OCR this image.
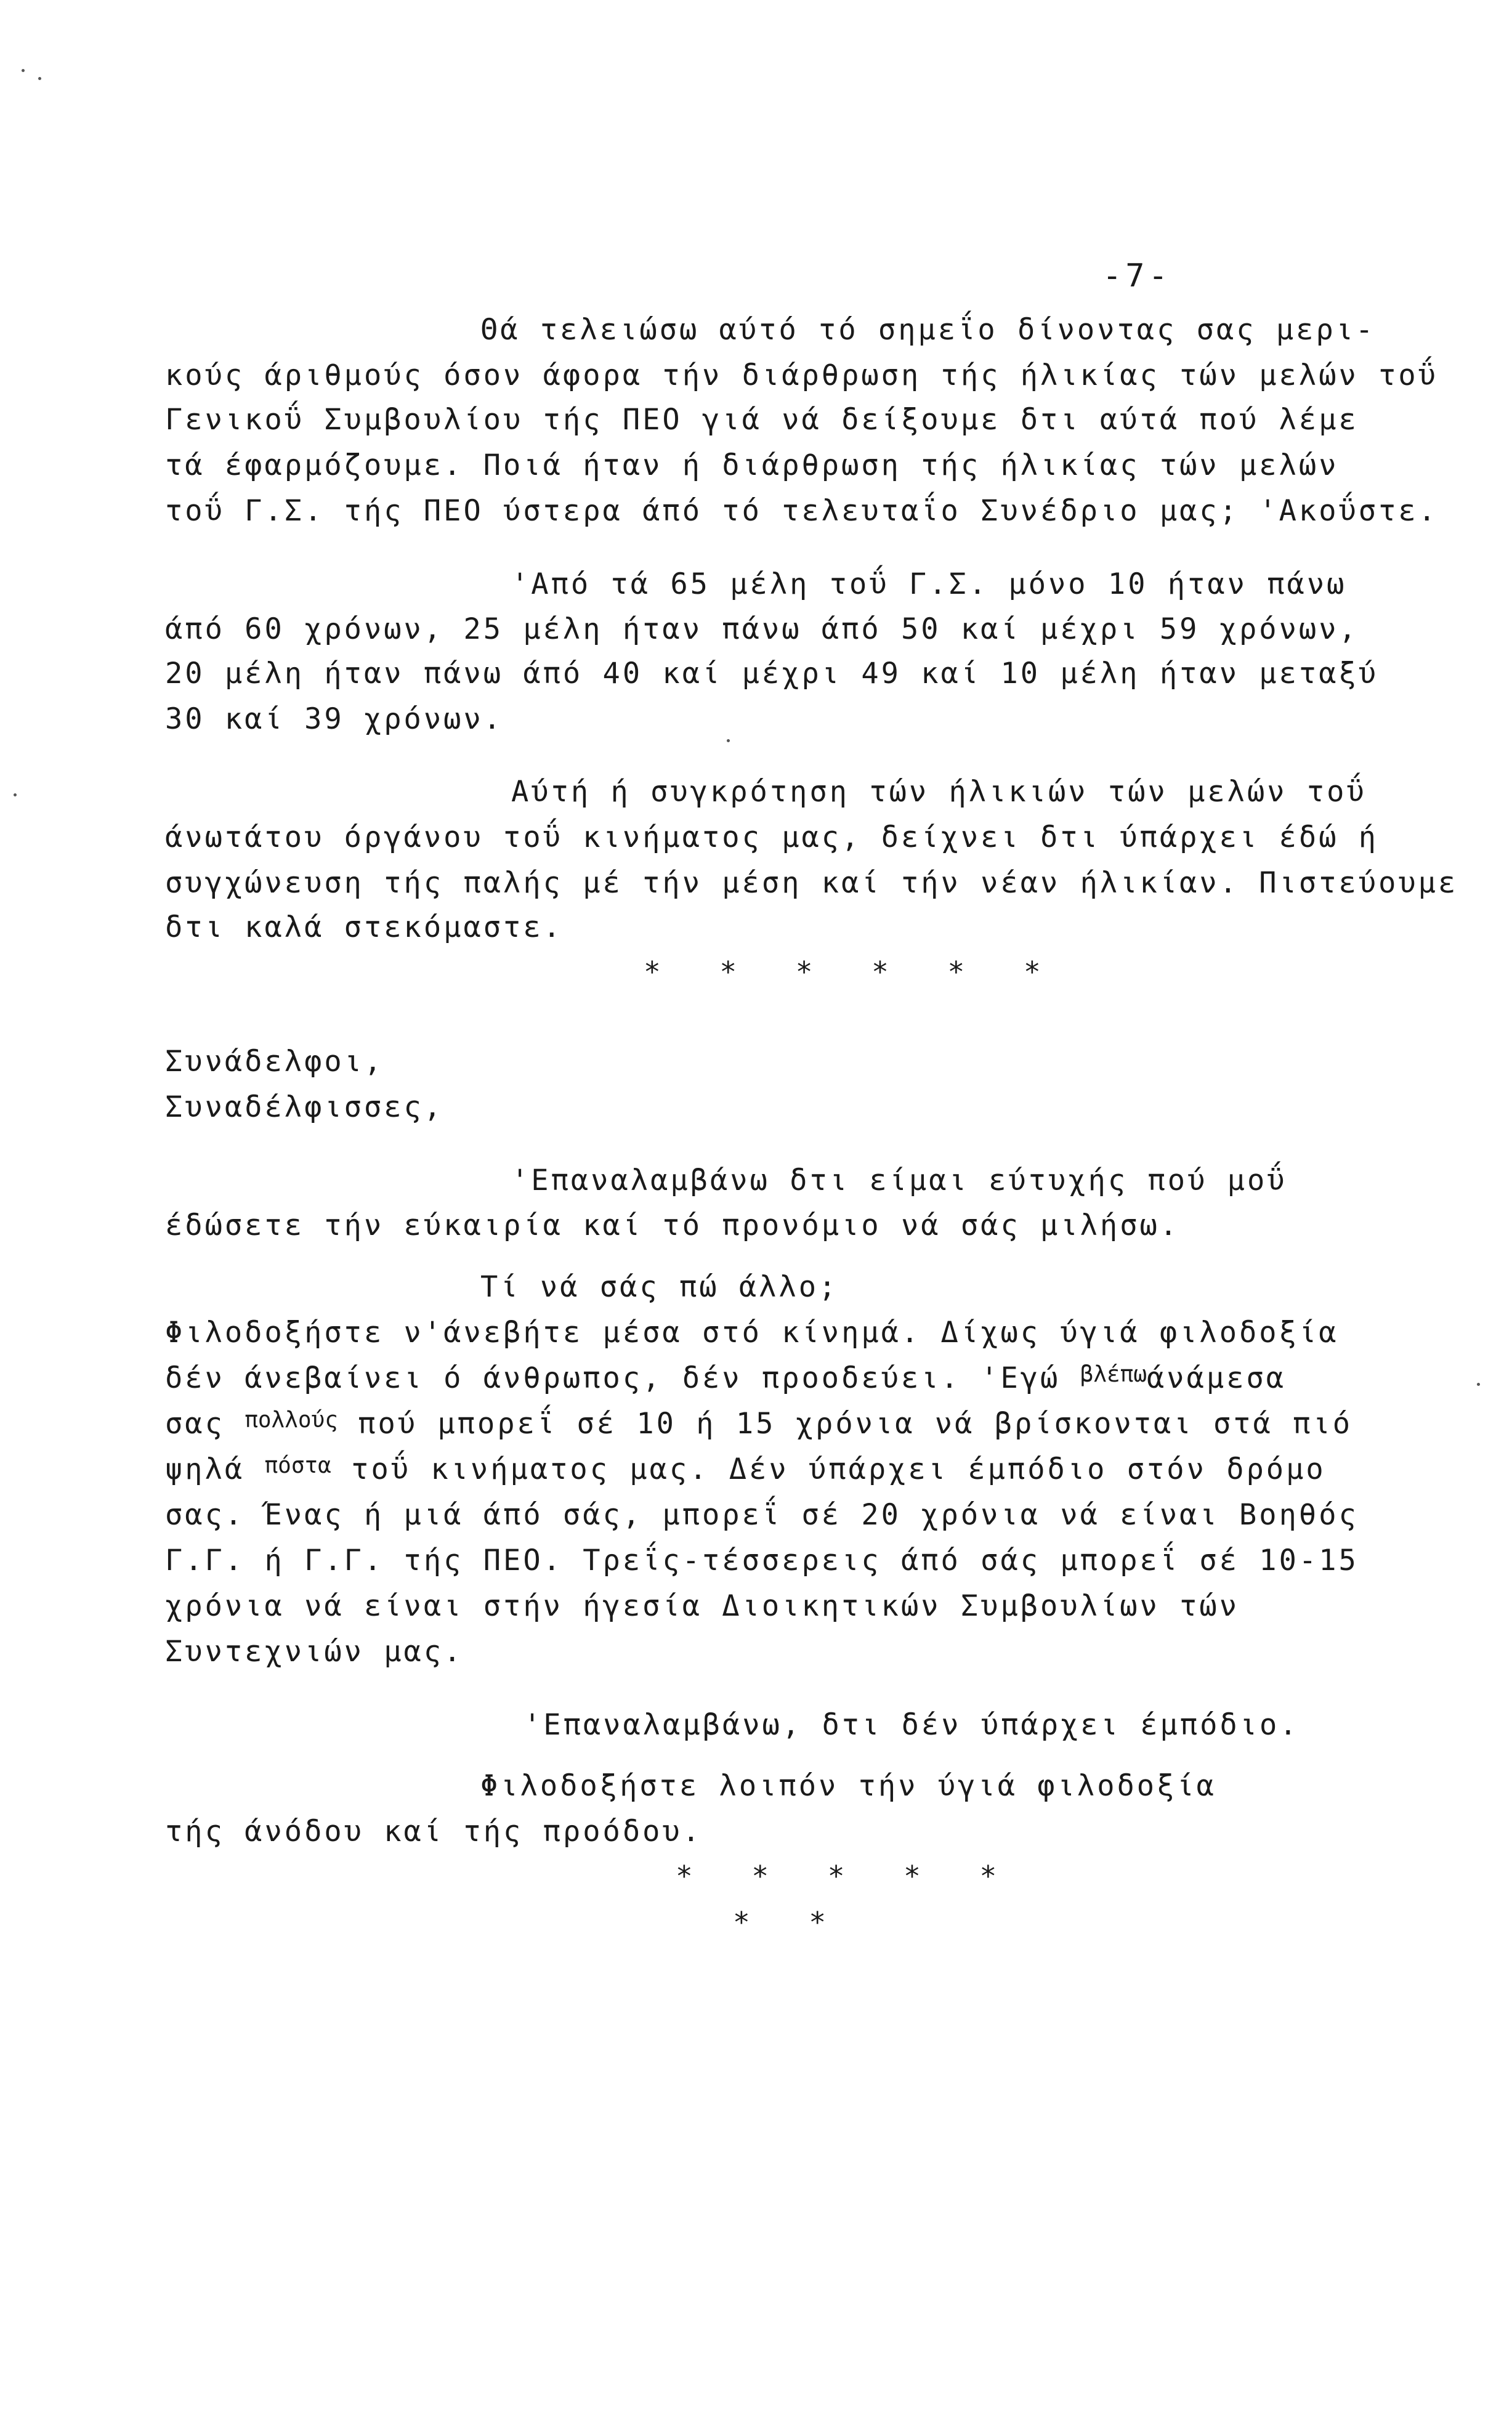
-7-
Θά τελειώσω αύτό τό σημεΐο δίνοντας σας μερι-
κούς άριθμούς όσον άφορα τήν διάρθρωση τής ήλικίας τών μελών τοΰ
Γενικοΰ Συμβουλίου τής ΠΕΟ γιά νά δείξουμε δτι αύτά πού λέμε
τά έφαρμόζουμε. Ποιά ήταν ή διάρθρωση τής ήλικίας τών μελών
τοΰ Γ.Σ. τής ΠΕΟ ύστερα άπό τό τελευταΐο Συνέδριο μας; 'Ακοΰστε.
'Από τά 65 μέλη τοΰ Γ.Σ. μόνο 10 ήταν πάνω
άπό 60 χρόνων, 25 μέλη ήταν πάνω άπό 50 καί μέχρι 59 χρόνων,
20 μέλη ήταν πάνω άπό 40 καί μέχρι 49 καί 10 μέλη ήταν μεταξύ
30 καί 39 χρόνων.
Αύτή ή συγκρότηση τών ήλικιών τών μελών τοΰ
άνωτάτου όργάνου τοΰ κινήματος μας, δείχνει δτι ύπάρχει έδώ ή
συγχώνευση τής παλής μέ τήν μέση καί τήν νέαν ήλικίαν. Πιστεύουμε
δτι καλά στεκόμαστε.
* * * * * *
Συνάδελφοι,
Συναδέλφισσες,
'Επαναλαμβάνω δτι είμαι εύτυχής πού μοΰ
έδώσετε τήν εύκαιρία καί τό προνόμιο νά σάς μιλήσω.
Τί νά σάς πώ άλλο;
Φιλοδοξήστε ν'άνεβήτε μέσα στό κίνημά. Δίχως ύγιά φιλοδοξία
δέν άνεβαίνει ό άνθρωπος, δέν προοδεύει. 'Εγώ $^{\beta\lambda έ\pi\omega}$άνάμεσα
σας $^{\pi o\lambda\lambda oύ\varsigma}$ πού μπορεΐ σέ 10 ή 15 χρόνια νά βρίσκονται στά πιό
ψηλά $^{\pi ό\sigma\tau\alpha}$ τοΰ κινήματος μας. Δέν ύπάρχει έμπόδιο στόν δρόμο
σας. Ένας ή μιά άπό σάς, μπορεΐ σέ 20 χρόνια νά είναι Βοηθός
Γ.Γ. ή Γ.Γ. τής ΠΕΟ. Τρεΐς-τέσσερεις άπό σάς μπορεΐ σέ 10-15
χρόνια νά είναι στήν ήγεσία Διοικητικών Συμβουλίων τών
Συντεχνιών μας.
'Επαναλαμβάνω, δτι δέν ύπάρχει έμπόδιο.
Φιλοδοξήστε λοιπόν τήν ύγιά φιλοδοξία
τής άνόδου καί τής προόδου.
* * * * *
* *
